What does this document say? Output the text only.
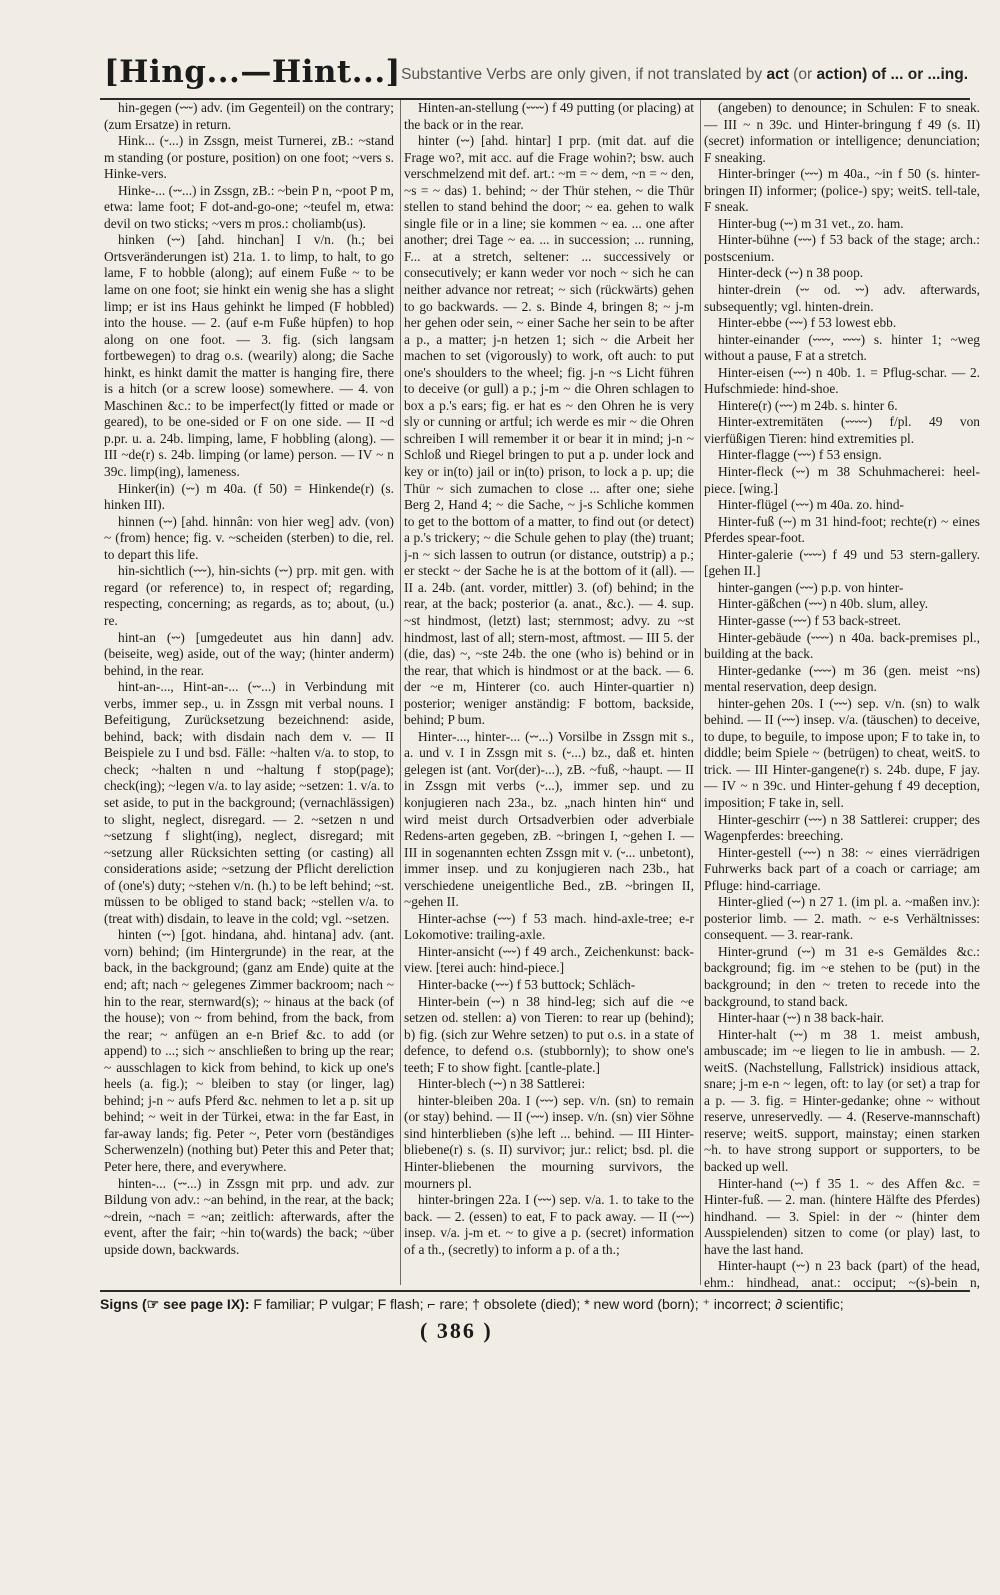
[Hing...—Hint...] Substantive Verbs are only given, if not translated by act (or action) of ... or ...ing.
hin-gegen (⏑⏑⏑) adv. (im Gegenteil) on the contrary; (zum Ersatze) in return.
Hink... (⏑...) in Zssgn, meist Turnerei, zB.: ~stand m standing (or posture, position) on one foot; ~vers s. Hinke-vers.
Hinke-... (⏑⏑...) in Zssgn, zB.: ~bein P n, ~poot P m, etwa: lame foot; F dot-and-go-one; ~teufel m, etwa: devil on two sticks; ~vers m pros.: choliamb(us).
hinken (⏑⏑) [ahd. hinchan] I v/n. (h.; bei Ortsveränderungen ist) 21a. 1. to limp, to halt, to go lame, F to hobble (along); auf einem Fuße ~ to be lame on one foot; sie hinkt ein wenig she has a slight limp; er ist ins Haus gehinkt he limped (F hobbled) into the house. — 2. (auf e-m Fuße hüpfen) to hop along on one foot. — 3. fig. (sich langsam fortbewegen) to drag o.s. (wearily) along; die Sache hinkt, es hinkt damit the matter is hanging fire, there is a hitch (or a screw loose) somewhere. — 4. von Maschinen &c.: to be imperfect(ly fitted or made or geared), to be one-sided or F on one side. — II ~d p.pr. u. a. 24b. limping, lame, F hobbling (along). — III ~de(r) s. 24b. limping (or lame) person. — IV ~ n 39c. limp(ing), lameness.
Hinker(in) (⏑⏑) m 40a. (f 50) = Hinkende(r) (s. hinken III).
hinnen (⏑⏑) [ahd. hinnân: von hier weg] adv. (von) ~ (from) hence; fig. v. ~scheiden (sterben) to die, rel. to depart this life.
hin-sichtlich (⏑⏑⏑), hin-sichts (⏑⏑) prp. mit gen. with regard (or reference) to, in respect of; regarding, respecting, concerning; as regards, as to; about, (u.) re.
hint-an (⏑⏑) [umgedeutet aus hin dann] adv. (beiseite, weg) aside, out of the way; (hinter anderm) behind, in the rear.
hint-an-..., Hint-an-... (⏑⏑...) in Verbindung mit verbs, immer sep., u. in Zssgn mit verbal nouns. I Befeitigung, Zurücksetzung bezeichnend: aside, behind, back; with disdain nach dem v. — II Beispiele zu I und bsd. Fälle: ~halten v/a. to stop, to check; ~halten n und ~haltung f stop(page); check(ing); ~legen v/a. to lay aside; ~setzen: 1. v/a. to set aside, to put in the background; (vernachlässigen) to slight, neglect, disregard. — 2. ~setzen n und ~setzung f slight(ing), neglect, disregard; mit ~setzung aller Rücksichten setting (or casting) all considerations aside; ~setzung der Pflicht dereliction of (one's) duty; ~stehen v/n. (h.) to be left behind; ~st. müssen to be obliged to stand back; ~stellen v/a. to (treat with) disdain, to leave in the cold; vgl. ~setzen.
hinten (⏑⏑) [got. hindana, ahd. hintana] adv. (ant. vorn) behind; (im Hintergrunde) in the rear, at the back, in the background; (ganz am Ende) quite at the end; aft; nach ~ gelegenes Zimmer backroom; nach ~ hin to the rear, sternward(s); ~ hinaus at the back (of the house); von ~ from behind, from the back, from the rear; ~ anfügen an e-n Brief &c. to add (or append) to ...; sich ~ anschließen to bring up the rear; ~ ausschlagen to kick from behind, to kick up one's heels (a. fig.); ~ bleiben to stay (or linger, lag) behind; j-n ~ aufs Pferd &c. nehmen to let a p. sit up behind; ~ weit in der Türkei, etwa: in the far East, in far-away lands; fig. Peter ~, Peter vorn (beständiges Scherwenzeln) (nothing but) Peter this and Peter that; Peter here, there, and everywhere.
hinten-... (⏑⏑...) in Zssgn mit prp. und adv. zur Bildung von adv.: ~an behind, in the rear, at the back; ~drein, ~nach = ~an; zeitlich: afterwards, after the event, after the fair; ~hin to(wards) the back; ~über upside down, backwards.
Hinten-an-stellung (⏑⏑⏑⏑) f 49 putting (or placing) at the back or in the rear.
hinter (⏑⏑) [ahd. hintar] I prp. (mit dat. auf die Frage wo?, mit acc. auf die Frage wohin?; bsw. auch verschmelzend mit def. art.: ~m = ~ dem, ~n = ~ den, ~s = ~ das) 1. behind; ~ der Thür stehen, ~ die Thür stellen to stand behind the door; ~ ea. gehen to walk single file or in a line; sie kommen ~ ea. ... one after another; drei Tage ~ ea. ... in succession; ... running, F... at a stretch, seltener: ... successively or consecutively; er kann weder vor noch ~ sich he can neither advance nor retreat; ~ sich (rückwärts) gehen to go backwards. — 2. s. Binde 4, bringen 8; ~ j-m her gehen oder sein, ~ einer Sache her sein to be after a p., a matter; j-n hetzen 1; sich ~ die Arbeit her machen to set (vigorously) to work, oft auch: to put one's shoulders to the wheel; fig. j-n ~s Licht führen to deceive (or gull) a p.; j-m ~ die Ohren schlagen to box a p.'s ears; fig. er hat es ~ den Ohren he is very sly or cunning or artful; ich werde es mir ~ die Ohren schreiben I will remember it or bear it in mind; j-n ~ Schloß und Riegel bringen to put a p. under lock and key or in(to) jail or in(to) prison, to lock a p. up; die Thür ~ sich zumachen to close ... after one; siehe Berg 2, Hand 4; ~ die Sache, ~ j-s Schliche kommen to get to the bottom of a matter, to find out (or detect) a p.'s trickery; ~ die Schule gehen to play (the) truant; j-n ~ sich lassen to outrun (or distance, outstrip) a p.; er steckt ~ der Sache he is at the bottom of it (all). — II a. 24b. (ant. vorder, mittler) 3. (of) behind; in the rear, at the back; posterior (a. anat., &c.). — 4. sup. ~st hindmost, (letzt) last; sternmost; advy. zu ~st hindmost, last of all; stern-most, aftmost. — III 5. der (die, das) ~, ~ste 24b. the one (who is) behind or in the rear, that which is hindmost or at the back. — 6. der ~e m, Hinterer (co. auch Hinter-quartier n) posterior; weniger anständig: F bottom, backside, behind; P bum.
Hinter-..., hinter-... (⏑⏑...) Vorsilbe in Zssgn mit s., a. und v. I in Zssgn mit s. (⏑...) bz., daß et. hinten gelegen ist (ant. Vor(der)-...), zB. ~fuß, ~haupt. — II in Zssgn mit verbs (⏑...), immer sep. und zu konjugieren nach 23a., bz. „nach hinten hin“ und wird meist durch Ortsadverbien oder adverbiale Redens-arten gegeben, zB. ~bringen I, ~gehen I. — III in sogenannten echten Zssgn mit v. (⏑... unbetont), immer insep. und zu konjugieren nach 23b., hat verschiedene uneigentliche Bed., zB. ~bringen II, ~gehen II.
Hinter-achse (⏑⏑⏑) f 53 mach. hind-axle-tree; e-r Lokomotive: trailing-axle.
Hinter-ansicht (⏑⏑⏑) f 49 arch., Zeichenkunst: back-view. [terei auch: hind-piece.]
Hinter-backe (⏑⏑⏑) f 53 buttock; Schläch-
Hinter-bein (⏑⏑) n 38 hind-leg; sich auf die ~e setzen od. stellen: a) von Tieren: to rear up (behind); b) fig. (sich zur Wehre setzen) to put o.s. in a state of defence, to defend o.s. (stubbornly); to show one's teeth; F to show fight. [cantle-plate.]
Hinter-blech (⏑⏑) n 38 Sattlerei:
hinter-bleiben 20a. I (⏑⏑⏑) sep. v/n. (sn) to remain (or stay) behind. — II (⏑⏑⏑) insep. v/n. (sn) vier Söhne sind hinterblieben (s)he left ... behind. — III Hinter-bliebene(r) s. (s. II) survivor; jur.: relict; bsd. pl. die Hinter-bliebenen the mourning survivors, the mourners pl.
hinter-bringen 22a. I (⏑⏑⏑) sep. v/a. 1. to take to the back. — 2. (essen) to eat, F to pack away. — II (⏑⏑⏑) insep. v/a. j-m et. ~ to give a p. (secret) information of a th., (secretly) to inform a p. of a th.;
(angeben) to denounce; in Schulen: F to sneak. — III ~ n 39c. und Hinter-bringung f 49 (s. II) (secret) information or intelligence; denunciation; F sneaking.
Hinter-bringer (⏑⏑⏑) m 40a., ~in f 50 (s. hinter-bringen II) informer; (police-) spy; weitS. tell-tale, F sneak.
Hinter-bug (⏑⏑) m 31 vet., zo. ham.
Hinter-bühne (⏑⏑⏑) f 53 back of the stage; arch.: postscenium.
Hinter-deck (⏑⏑) n 38 poop.
hinter-drein (⏑⏑ od. ⏑⏑) adv. afterwards, subsequently; vgl. hinten-drein.
Hinter-ebbe (⏑⏑⏑) f 53 lowest ebb.
hinter-einander (⏑⏑⏑⏑, ⏑⏑⏑⏑) s. hinter 1; ~weg without a pause, F at a stretch.
Hinter-eisen (⏑⏑⏑) n 40b. 1. = Pflug-schar. — 2. Hufschmiede: hind-shoe.
Hintere(r) (⏑⏑⏑) m 24b. s. hinter 6.
Hinter-extremitäten (⏑⏑⏑⏑⏑) f/pl. 49 von vierfüßigen Tieren: hind extremities pl.
Hinter-flagge (⏑⏑⏑) f 53 ensign.
Hinter-fleck (⏑⏑) m 38 Schuhmacherei: heel-piece. [wing.]
Hinter-flügel (⏑⏑⏑) m 40a. zo. hind-
Hinter-fuß (⏑⏑) m 31 hind-foot; rechte(r) ~ eines Pferdes spear-foot.
Hinter-galerie (⏑⏑⏑⏑) f 49 und 53 stern-gallery. [gehen II.]
hinter-gangen (⏑⏑⏑) p.p. von hinter-
Hinter-gäßchen (⏑⏑⏑) n 40b. slum, alley.
Hinter-gasse (⏑⏑⏑) f 53 back-street.
Hinter-gebäude (⏑⏑⏑⏑) n 40a. back-premises pl., building at the back.
Hinter-gedanke (⏑⏑⏑⏑) m 36 (gen. meist ~ns) mental reservation, deep design.
hinter-gehen 20s. I (⏑⏑⏑) sep. v/n. (sn) to walk behind. — II (⏑⏑⏑) insep. v/a. (täuschen) to deceive, to dupe, to beguile, to impose upon; F to take in, to diddle; beim Spiele ~ (betrügen) to cheat, weitS. to trick. — III Hinter-gangene(r) s. 24b. dupe, F jay. — IV ~ n 39c. und Hinter-gehung f 49 deception, imposition; F take in, sell.
Hinter-geschirr (⏑⏑⏑) n 38 Sattlerei: crupper; des Wagenpferdes: breeching.
Hinter-gestell (⏑⏑⏑) n 38: ~ eines vierrädrigen Fuhrwerks back part of a coach or carriage; am Pfluge: hind-carriage.
Hinter-glied (⏑⏑) n 27 1. (im pl. a. ~maßen inv.): posterior limb. — 2. math. ~ e-s Verhältnisses: consequent. — 3. rear-rank.
Hinter-grund (⏑⏑) m 31 e-s Gemäldes &c.: background; fig. im ~e stehen to be (put) in the background; in den ~ treten to recede into the background, to stand back.
Hinter-haar (⏑⏑) n 38 back-hair.
Hinter-halt (⏑⏑) m 38 1. meist ambush, ambuscade; im ~e liegen to lie in ambush. — 2. weitS. (Nachstellung, Fallstrick) insidious attack, snare; j-m e-n ~ legen, oft: to lay (or set) a trap for a p. — 3. fig. = Hinter-gedanke; ohne ~ without reserve, unreservedly. — 4. (Reserve-mannschaft) reserve; weitS. support, mainstay; einen starken ~h. to have strong support or supporters, to be backed up well.
Hinter-hand (⏑⏑) f 35 1. ~ des Affen &c. = Hinter-fuß. — 2. man. (hintere Hälfte des Pferdes) hindhand. — 3. Spiel: in der ~ (hinter dem Ausspielenden) sitzen to come (or play) last, to have the last hand.
Hinter-haupt (⏑⏑) n 23 back (part) of the head, ehm.: hindhead, anat.: occiput; ~(s)-bein n,
Signs (☞ see page IX): F familiar; P vulgar; F flash; ⌐ rare; † obsolete (died); * new word (born); ⁺ incorrect; ∂ scientific;
( 386 )
